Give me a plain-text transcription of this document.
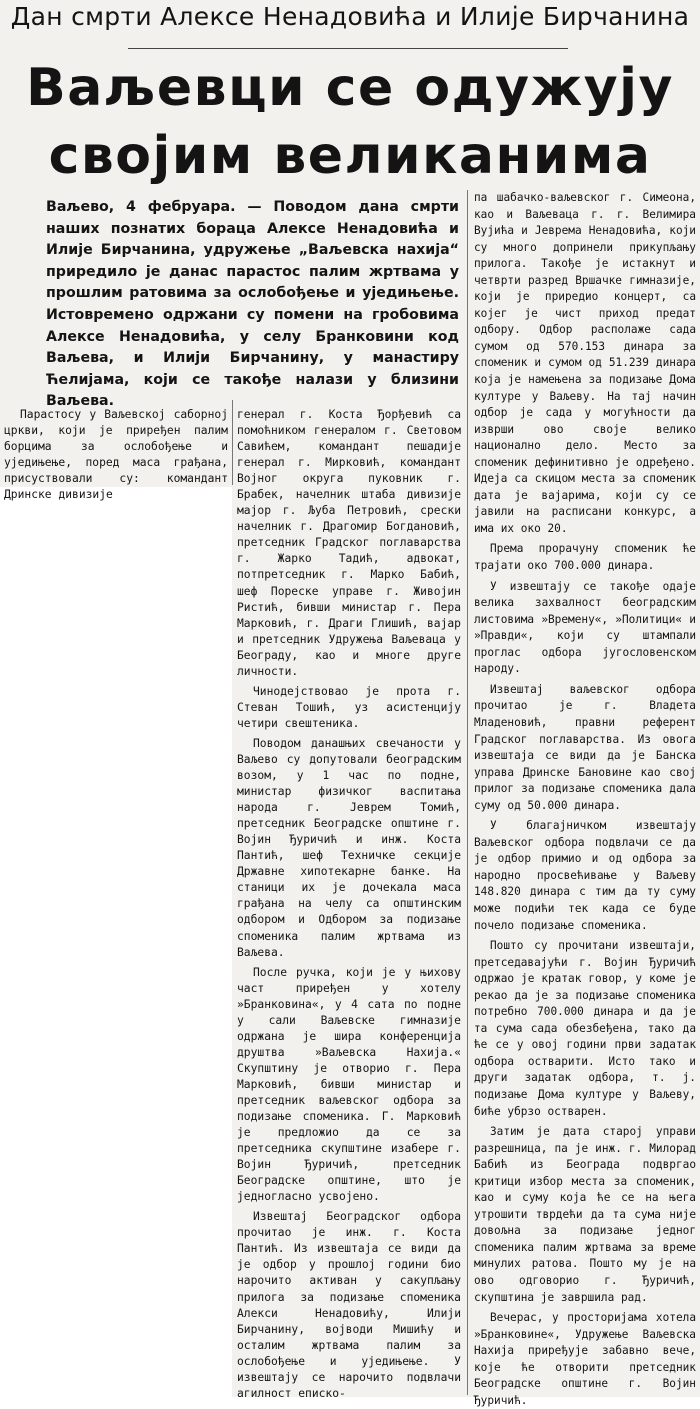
Дан смрти Алексе Ненадовића и Илије Бирчанина
Ваљевци се одужују
својим великанима
Ваљево, 4 фебруара. — Поводом дана смрти наших познатих бораца Алексе Ненадовића и Илије Бирчанина, удружење „Ваљевска нахија“ приредило је данас парастос палим жртвама у прошлим ратовима за ослобођење и уједињење. Истовремено одржани су помени на гробовима Алексе Ненадовића, у селу Бранковини код Ваљева, и Илији Бирчанину, у манастиру Ћелијама, који се такође налази у близини Ваљева.

Парастосу у Ваљевској саборној цркви, који је приређен палим борцима за ослобођење и уједињење, поред маса грађана, присуствовали су: командант Дринске дивизије

генерал г. Коста Ђорђевић са помоћником генералом г. Световом Савићем, командант пешадије генерал г. Мирковић, командант Војног округа пуковник г. Брабек, начелник штаба дивизије мајор г. Љуба Петровић, срески начелник г. Драгомир Богдановић, претседник Градског поглаварства г. Жарко Тадић, адвокат, потпретседник г. Марко Бабић, шеф Пореске управе г. Живојин Ристић, бивши министар г. Пера Марковић, г. Драги Глишић, вајар и претседник Удружења Ваљеваца у Београду, као и многе друге личности.

Чинодејствовао је прота г. Стеван Тошић, уз асистенцију четири свештеника.

Поводом данашњих свечаности у Ваљево су допутовали београдским возом, у 1 час по подне, министар физичког васпитања народа г. Јеврем Томић, претседник Београдске општине г. Војин Ђуричић и инж. Коста Пантић, шеф Техничке секције Државне хипотекарне банке. На станици их је дочекала маса грађана на челу са општинским одбором и Одбором за подизање споменика палим жртвама из Ваљева.

После ручка, који је у њихову част приређен у хотелу »Бранковина«, у 4 сата по подне у сали Ваљевске гимназије одржана је шира конференција друштва »Ваљевска Нахија.« Скупштину је отворио г. Пера Марковић, бивши министар и претседник ваљевског одбора за подизање споменика. Г. Марковић је предложио да се за претседника скупштине изабере г. Војин Ђуричић, претседник Београдске општине, што је једногласно усвојено.

Извештај Београдског одбора прочитао је инж. г. Коста Пантић. Из извештаја се види да је одбор у прошлој години био нарочито активан у сакупљању прилога за подизање споменика Алекси Ненадовићу, Илији Бирчанину, војводи Мишићу и осталим жртвама палим за ослобођење и уједињење. У извештају се нарочито подвлачи агилност еписко-

па шабачко-ваљевског г. Симеона, као и Ваљеваца г. г. Велимира Вујића и Јеврема Ненадовића, који су много допринели прикупљању прилога. Такође је истакнут и четврти разред Вршачке гимназије, који је приредио концерт, са којег је чист приход предат одбору. Одбор располаже сада сумом од 570.153 динара за споменик и сумом од 51.239 динара која је намењена за подизање Дома културе у Ваљеву. На тај начин одбор је сада у могућности да изврши ово своје велико национално дело. Место за споменик дефинитивно је одређено. Идеја са скицом места за споменик дата је вајарима, који су се јавили на расписани конкурс, а има их око 20.

Према прорачуну споменик ће трајати око 700.000 динара.

У извештају се такође одаје велика захвалност београдским листовима »Времену«, »Политици« и »Правди«, који су штампали проглас одбора југословенском народу.

Извештај ваљевског одбора прочитао је г. Владета Младеновић, правни референт Градског поглаварства. Из овога извештаја се види да је Банска управа Дринске Бановине као свој прилог за подизање споменика дала суму од 50.000 динара.

У благајничком извештају Ваљевског одбора подвлачи се да је одбор примио и од одбора за народно просвећивање у Ваљеву 148.820 динара с тим да ту суму може подићи тек када се буде почело подизање споменика.

Пошто су прочитани извештаји, претседавајући г. Војин Ђуричић одржао је кратак говор, у коме је рекао да је за подизање споменика потребно 700.000 динара и да је та сума сада обезбеђена, тако да ће се у овој години први задатак одбора остварити. Исто тако и други задатак одбора, т. ј. подизање Дома културе у Ваљеву, биће убрзо остварен.

Затим је дата старој управи разрешница, па је инж. г. Милорад Бабић из Београда подвргао критици избор места за споменик, као и суму која ће се на њега утрошити тврдећи да та сума није довољна за подизање једног споменика палим жртвама за време минулих ратова. Пошто му је на ово одговорио г. Ђуричић, скупштина је завршила рад.

Вечерас, у просторијама хотела »Бранковине«, Удружење Ваљевска Нахија приређује забавно вече, које ће отворити претседник Београдске општине г. Војин Ђуричић.
